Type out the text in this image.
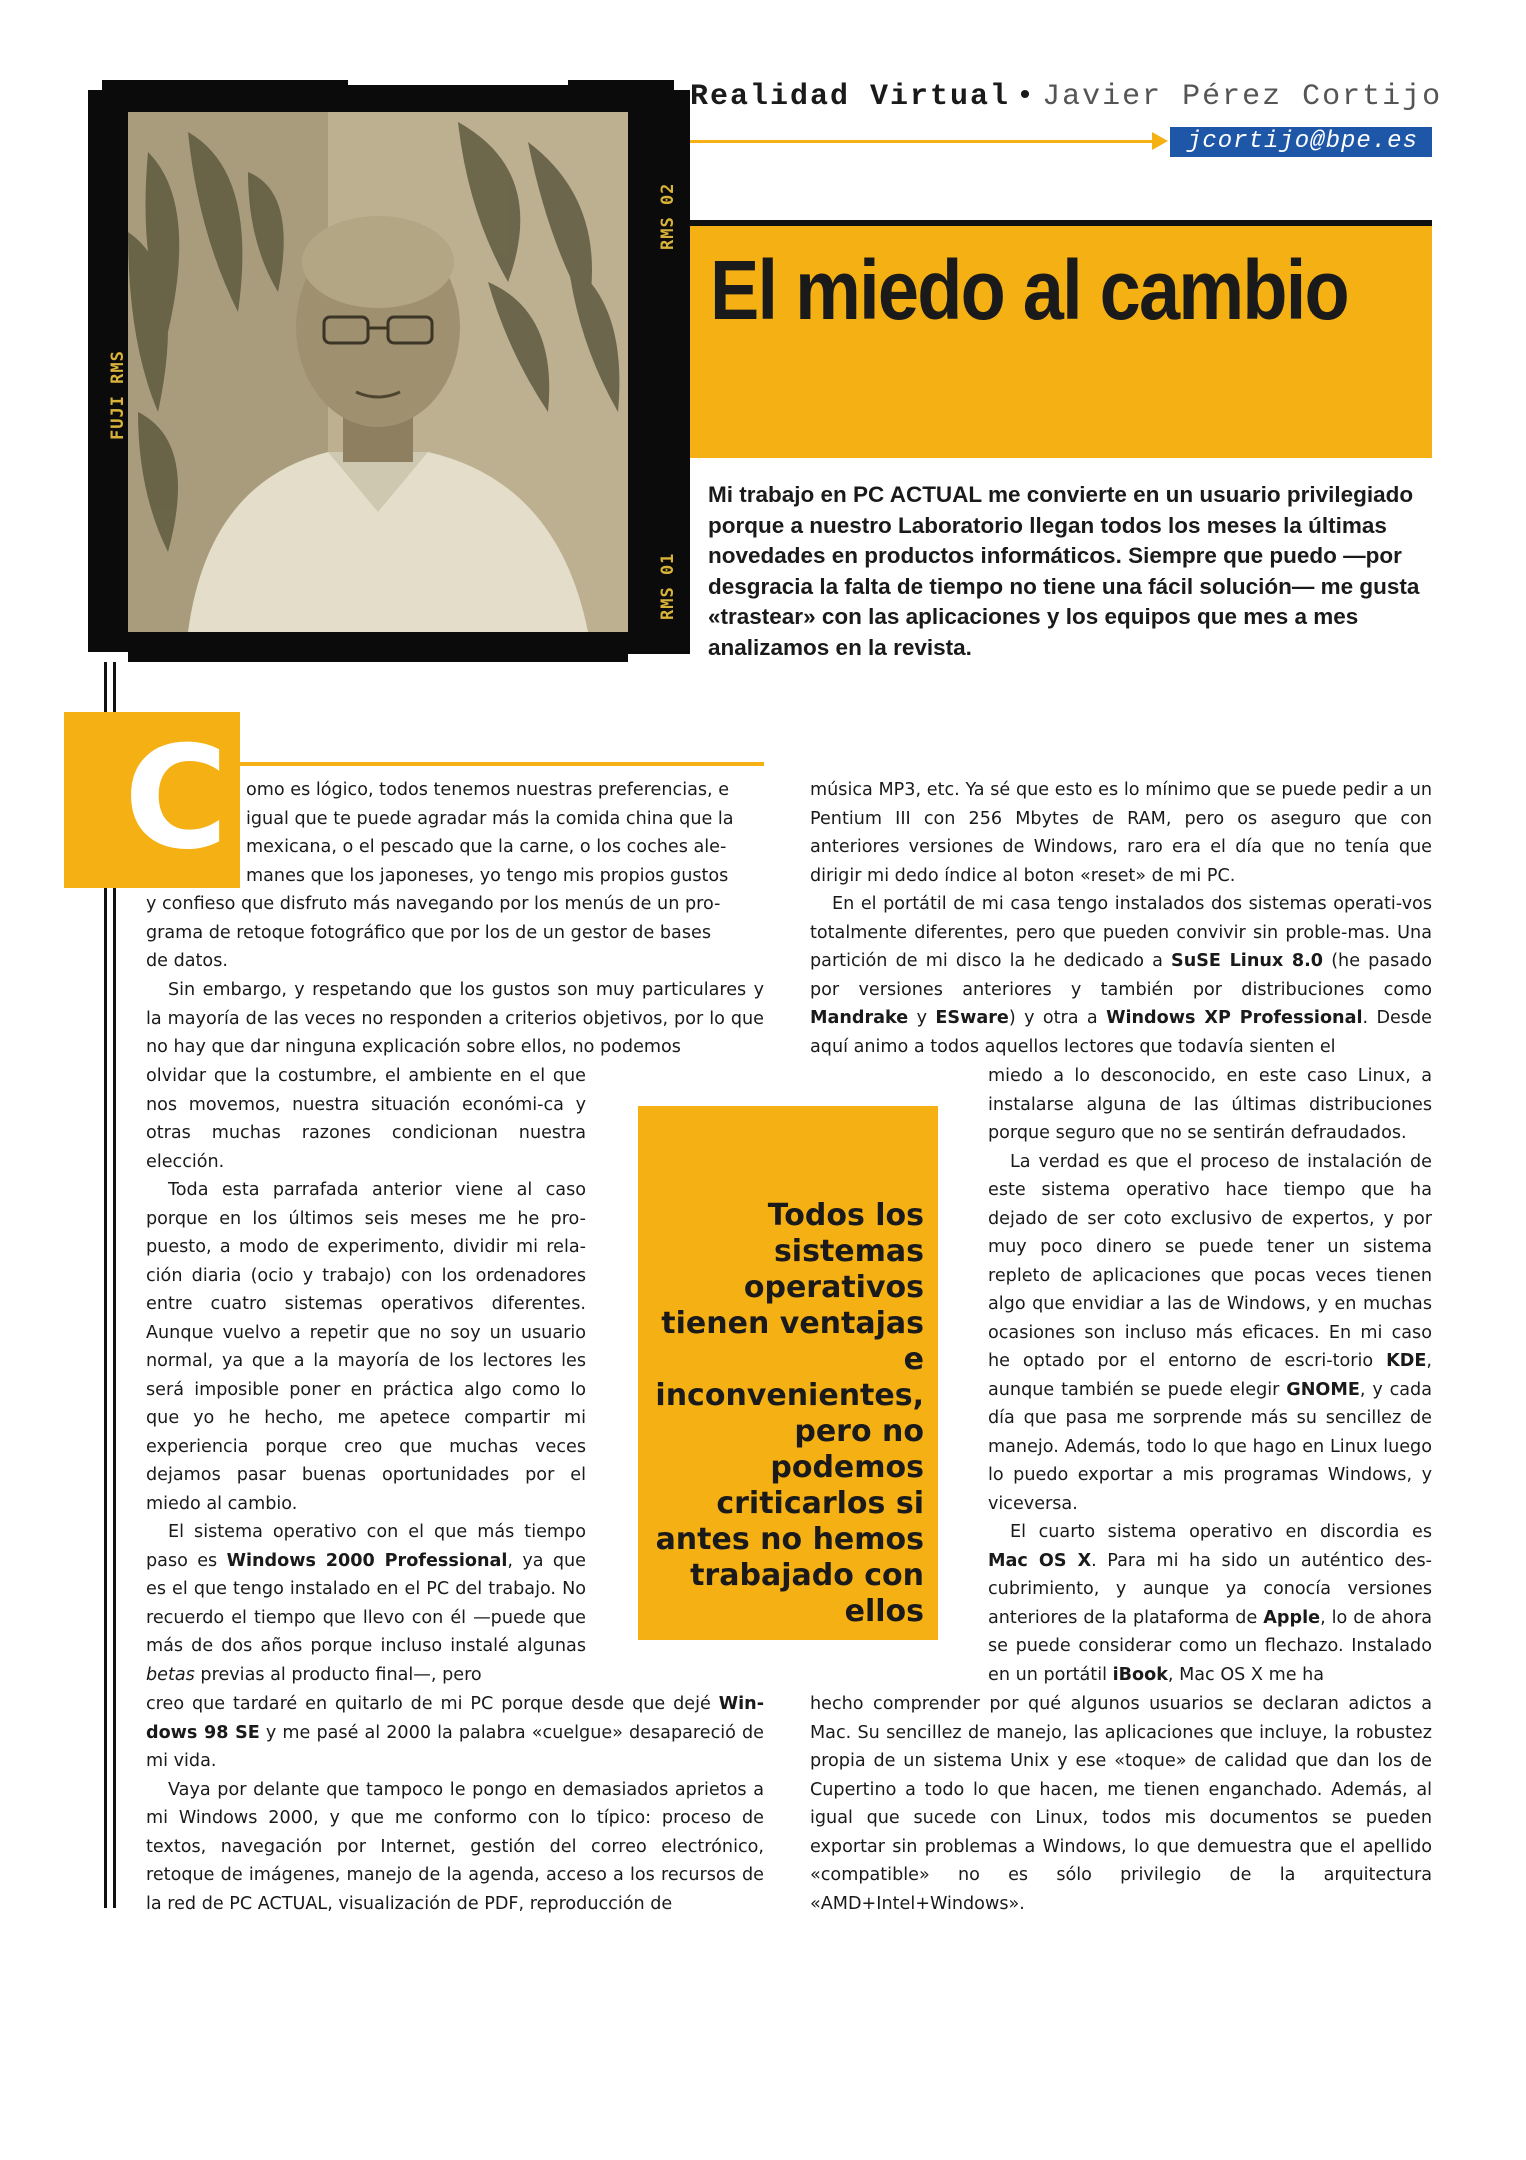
FUJI RMS
RMS 02
RMS 01
Realidad Virtual • Javier Pérez Cortijo
jcortijo@bpe.es
El miedo al cambio
Mi trabajo en PC ACTUAL me convierte en un usuario privilegiado porque a nuestro Laboratorio llegan todos los meses la últimas novedades en productos informáticos. Siempre que puedo —por desgracia la falta de tiempo no tiene una fácil solución— me gusta «trastear» con las aplicaciones y los equipos que mes a mes analizamos en la revista.
C omo es lógico, todos tenemos nuestras preferencias, e
igual que te puede agradar más la comida china que la
mexicana, o el pescado que la carne, o los coches ale-
manes que los japoneses, yo tengo mis propios gustos
y confieso que disfruto más navegando por los menús de un pro-
grama de retoque fotográfico que por los de un gestor de bases
de datos.

Sin embargo, y respetando que los gustos son muy particulares y la mayoría de las veces no responden a criterios objetivos, por lo que no hay que dar ninguna explicación sobre ellos, no podemos

olvidar que la costumbre, el ambiente en el que nos movemos, nuestra situación económi-ca y otras muchas razones condicionan nuestra elección.

Toda esta parrafada anterior viene al caso porque en los últimos seis meses me he pro-puesto, a modo de experimento, dividir mi rela-ción diaria (ocio y trabajo) con los ordenadores entre cuatro sistemas operativos diferentes. Aunque vuelvo a repetir que no soy un usuario normal, ya que a la mayoría de los lectores les será imposible poner en práctica algo como lo que yo he hecho, me apetece compartir mi experiencia porque creo que muchas veces dejamos pasar buenas oportunidades por el miedo al cambio.

El sistema operativo con el que más tiempo paso es Windows 2000 Professional, ya que es el que tengo instalado en el PC del trabajo. No recuerdo el tiempo que llevo con él —puede que más de dos años porque incluso instalé algunas betas previas al producto final—, pero

creo que tardaré en quitarlo de mi PC porque desde que dejé Win-dows 98 SE y me pasé al 2000 la palabra «cuelgue» desapareció de mi vida.

Vaya por delante que tampoco le pongo en demasiados aprietos a mi Windows 2000, y que me conformo con lo típico: proceso de textos, navegación por Internet, gestión del correo electrónico, retoque de imágenes, manejo de la agenda, acceso a los recursos de la red de PC ACTUAL, visualización de PDF, reproducción de

Todos los sistemas operativos tienen ventajas e inconvenientes, pero no podemos criticarlos si antes no hemos trabajado con ellos

música MP3, etc. Ya sé que esto es lo mínimo que se puede pedir a un Pentium III con 256 Mbytes de RAM, pero os aseguro que con anteriores versiones de Windows, raro era el día que no tenía que dirigir mi dedo índice al boton «reset» de mi PC.

En el portátil de mi casa tengo instalados dos sistemas operati-vos totalmente diferentes, pero que pueden convivir sin proble-mas. Una partición de mi disco la he dedicado a SuSE Linux 8.0 (he pasado por versiones anteriores y también por distribuciones como Mandrake y ESware) y otra a Windows XP Professional. Desde aquí animo a todos aquellos lectores que todavía sienten el

miedo a lo desconocido, en este caso Linux, a instalarse alguna de las últimas distribuciones porque seguro que no se sentirán defraudados.

La verdad es que el proceso de instalación de este sistema operativo hace tiempo que ha dejado de ser coto exclusivo de expertos, y por muy poco dinero se puede tener un sistema repleto de aplicaciones que pocas veces tienen algo que envidiar a las de Windows, y en muchas ocasiones son incluso más eficaces. En mi caso he optado por el entorno de escri-torio KDE, aunque también se puede elegir GNOME, y cada día que pasa me sorprende más su sencillez de manejo. Además, todo lo que hago en Linux luego lo puedo exportar a mis programas Windows, y viceversa.

El cuarto sistema operativo en discordia es Mac OS X. Para mi ha sido un auténtico des-cubrimiento, y aunque ya conocía versiones anteriores de la plataforma de Apple, lo de ahora se puede considerar como un flechazo. Instalado en un portátil iBook, Mac OS X me ha

hecho comprender por qué algunos usuarios se declaran adictos a Mac. Su sencillez de manejo, las aplicaciones que incluye, la robustez propia de un sistema Unix y ese «toque» de calidad que dan los de Cupertino a todo lo que hacen, me tienen enganchado. Además, al igual que sucede con Linux, todos mis documentos se pueden exportar sin problemas a Windows, lo que demuestra que el apellido «compatible» no es sólo privilegio de la arquitectura «AMD+Intel+Windows».
